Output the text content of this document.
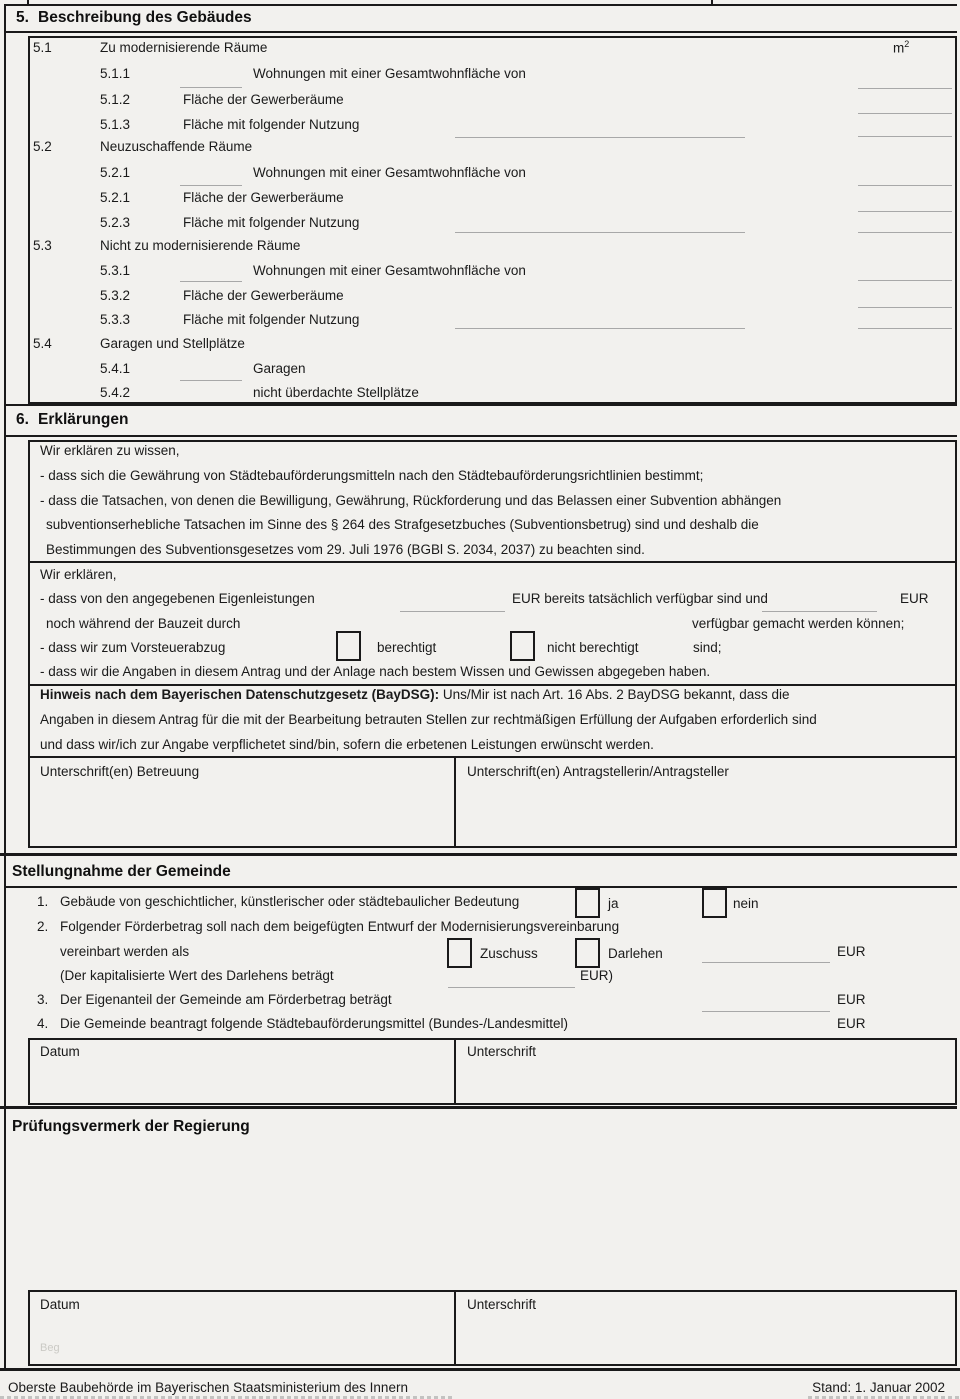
5. Beschreibung des Gebäudes
5.1	Zu modernisierende Räume	$m^2$
5.1.1	Wohnungen mit einer Gesamtwohnfläche von
5.1.2	Fläche der Gewerberäume
5.1.3	Fläche mit folgender Nutzung
5.2	Neuzuschaffende Räume
5.2.1	Wohnungen mit einer Gesamtwohnfläche von
5.2.1	Fläche der Gewerberäume
5.2.3	Fläche mit folgender Nutzung
5.3	Nicht zu modernisierende Räume
5.3.1	Wohnungen mit einer Gesamtwohnfläche von
5.3.2	Fläche der Gewerberäume
5.3.3	Fläche mit folgender Nutzung
5.4	Garagen und Stellplätze
5.4.1	Garagen
5.4.2	nicht überdachte Stellplätze
6. Erklärungen
Wir erklären zu wissen,
- dass sich die Gewährung von Städtebauförderungsmitteln nach den Städtebauförderungsrichtlinien bestimmt;
- dass die Tatsachen, von denen die Bewilligung, Gewährung, Rückforderung und das Belassen einer Subvention abhängen
subventionserhebliche Tatsachen im Sinne des § 264 des Strafgesetzbuches (Subventionsbetrug) sind und deshalb die
Bestimmungen des Subventionsgesetzes vom 29. Juli 1976 (BGBl S. 2034, 2037) zu beachten sind.
Wir erklären,
- dass von den angegebenen Eigenleistungen	EUR bereits tatsächlich verfügbar sind und	EUR
noch während der Bauzeit durch	verfügbar gemacht werden können;
- dass wir zum Vorsteuerabzug	berechtigt	nicht berechtigt	sind;
- dass wir die Angaben in diesem Antrag und der Anlage nach bestem Wissen und Gewissen abgegeben haben.
Hinweis nach dem Bayerischen Datenschutzgesetz (BayDSG): Uns/Mir ist nach Art. 16 Abs. 2 BayDSG bekannt, dass die
Angaben in diesem Antrag für die mit der Bearbeitung betrauten Stellen zur rechtmäßigen Erfüllung der Aufgaben erforderlich sind
und dass wir/ich zur Angabe verpflichetet sind/bin, sofern die erbetenen Leistungen erwünscht werden.
Unterschrift(en) Betreuung	Unterschrift(en) Antragstellerin/Antragsteller
Stellungnahme der Gemeinde
1. Gebäude von geschichtlicher, künstlerischer oder städtebaulicher Bedeutung	ja	nein
2. Folgender Förderbetrag soll nach dem beigefügten Entwurf der Modernisierungsvereinbarung
vereinbart werden als	Zuschuss	Darlehen	EUR
(Der kapitalisierte Wert des Darlehens beträgt	EUR)
3. Der Eigenanteil der Gemeinde am Förderbetrag beträgt	EUR
4. Die Gemeinde beantragt folgende Städtebauförderungsmittel (Bundes-/Landesmittel)	EUR
Datum	Unterschrift
Prüfungsvermerk der Regierung
Datum	Unterschrift
Beg
Oberste Baubehörde im Bayerischen Staatsministerium des Innern	Stand: 1. Januar 2002
